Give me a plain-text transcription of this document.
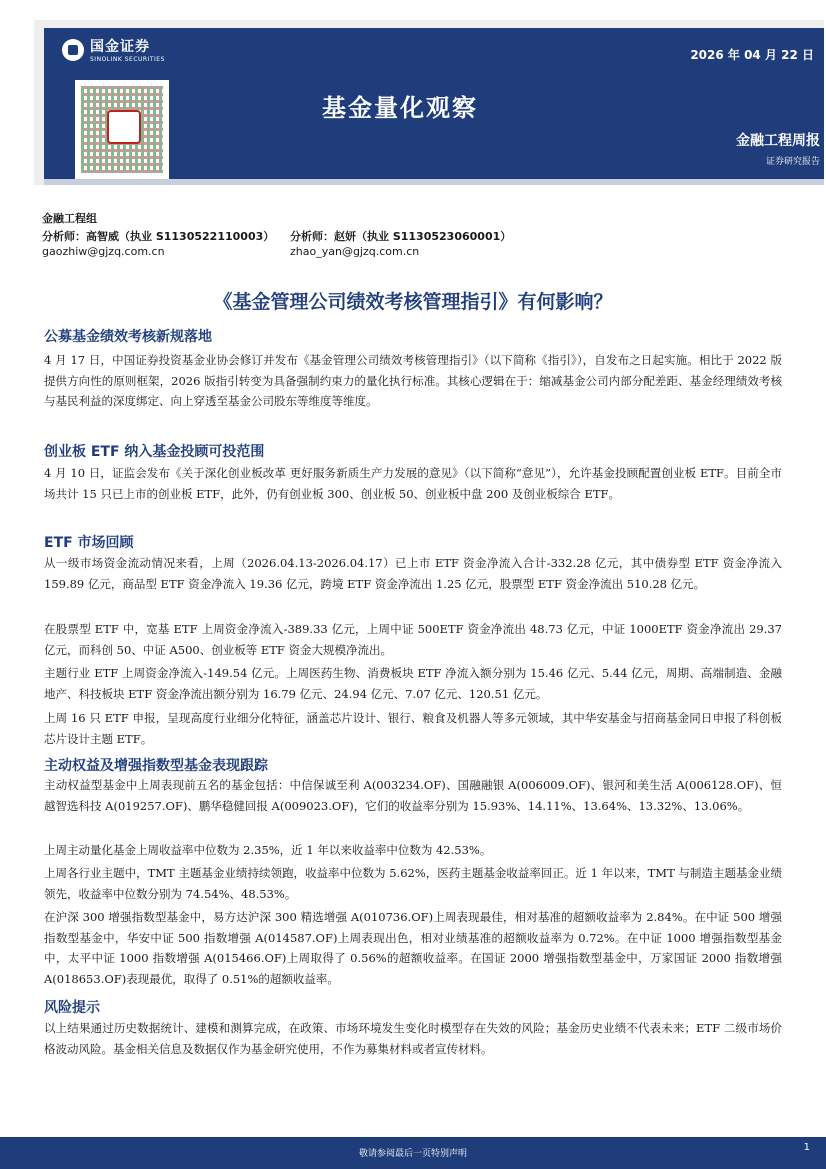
国金证券
SINOLINK SECURITIES	2026 年 04 月 22 日
基金量化观察
金融工程周报
证券研究报告
金融工程组
分析师：高智威（执业 S1130522110003） 分析师：赵妍（执业 S1130523060001）
gaozhiw@gjzq.com.cn	zhao_yan@gjzq.com.cn
《基金管理公司绩效考核管理指引》有何影响？
公募基金绩效考核新规落地
4 月 17 日，中国证券投资基金业协会修订并发布《基金管理公司绩效考核管理指引》（以下简称《指引》），自发布之日起实施。相比于 2022 版提供方向性的原则框架，2026 版指引转变为具备强制约束力的量化执行标准。其核心逻辑在于：缩减基金公司内部分配差距、基金经理绩效考核与基民利益的深度绑定、向上穿透至基金公司股东等维度等维度。
创业板 ETF 纳入基金投顾可投范围
4 月 10 日，证监会发布《关于深化创业板改革 更好服务新质生产力发展的意见》（以下简称“意见”），允许基金投顾配置创业板 ETF。目前全市场共计 15 只已上市的创业板 ETF，此外，仍有创业板 300、创业板 50、创业板中盘 200 及创业板综合 ETF。
ETF 市场回顾
从一级市场资金流动情况来看，上周（2026.04.13-2026.04.17）已上市 ETF 资金净流入合计-332.28 亿元，其中债券型 ETF 资金净流入 159.89 亿元，商品型 ETF 资金净流入 19.36 亿元，跨境 ETF 资金净流出 1.25 亿元，股票型 ETF 资金净流出 510.28 亿元。
在股票型 ETF 中，宽基 ETF 上周资金净流入-389.33 亿元，上周中证 500ETF 资金净流出 48.73 亿元，中证 1000ETF 资金净流出 29.37 亿元，而科创 50、中证 A500、创业板等 ETF 资金大规模净流出。
主题行业 ETF 上周资金净流入-149.54 亿元。上周医药生物、消费板块 ETF 净流入额分别为 15.46 亿元、5.44 亿元，周期、高端制造、金融地产、科技板块 ETF 资金净流出额分别为 16.79 亿元、24.94 亿元、7.07 亿元、120.51 亿元。
上周 16 只 ETF 申报，呈现高度行业细分化特征，涵盖芯片设计、银行、粮食及机器人等多元领域，其中华安基金与招商基金同日申报了科创板芯片设计主题 ETF。
主动权益及增强指数型基金表现跟踪
主动权益型基金中上周表现前五名的基金包括：中信保诚至利 A(003234.OF)、国融融银 A(006009.OF)、银河和美生活 A(006128.OF)、恒越智选科技 A(019257.OF)、鹏华稳健回报 A(009023.OF)，它们的收益率分别为 15.93%、14.11%、13.64%、13.32%、13.06%。
上周主动量化基金上周收益率中位数为 2.35%，近 1 年以来收益率中位数为 42.53%。
上周各行业主题中，TMT 主题基金业绩持续领跑，收益率中位数为 5.62%，医药主题基金收益率回正。近 1 年以来，TMT 与制造主题基金业绩领先，收益率中位数分别为 74.54%、48.53%。
在沪深 300 增强指数型基金中，易方达沪深 300 精选增强 A(010736.OF)上周表现最佳，相对基准的超额收益率为 2.84%。在中证 500 增强指数型基金中，华安中证 500 指数增强 A(014587.OF)上周表现出色，相对业绩基准的超额收益率为 0.72%。在中证 1000 增强指数型基金中，太平中证 1000 指数增强 A(015466.OF)上周取得了 0.56%的超额收益率。在国证 2000 增强指数型基金中，万家国证 2000 指数增强 A(018653.OF)表现最优，取得了 0.51%的超额收益率。
风险提示
以上结果通过历史数据统计、建模和测算完成，在政策、市场环境发生变化时模型存在失效的风险；基金历史业绩不代表未来；ETF 二级市场价格波动风险。基金相关信息及数据仅作为基金研究使用，不作为募集材料或者宣传材料。
敬请参阅最后一页特别声明
1
